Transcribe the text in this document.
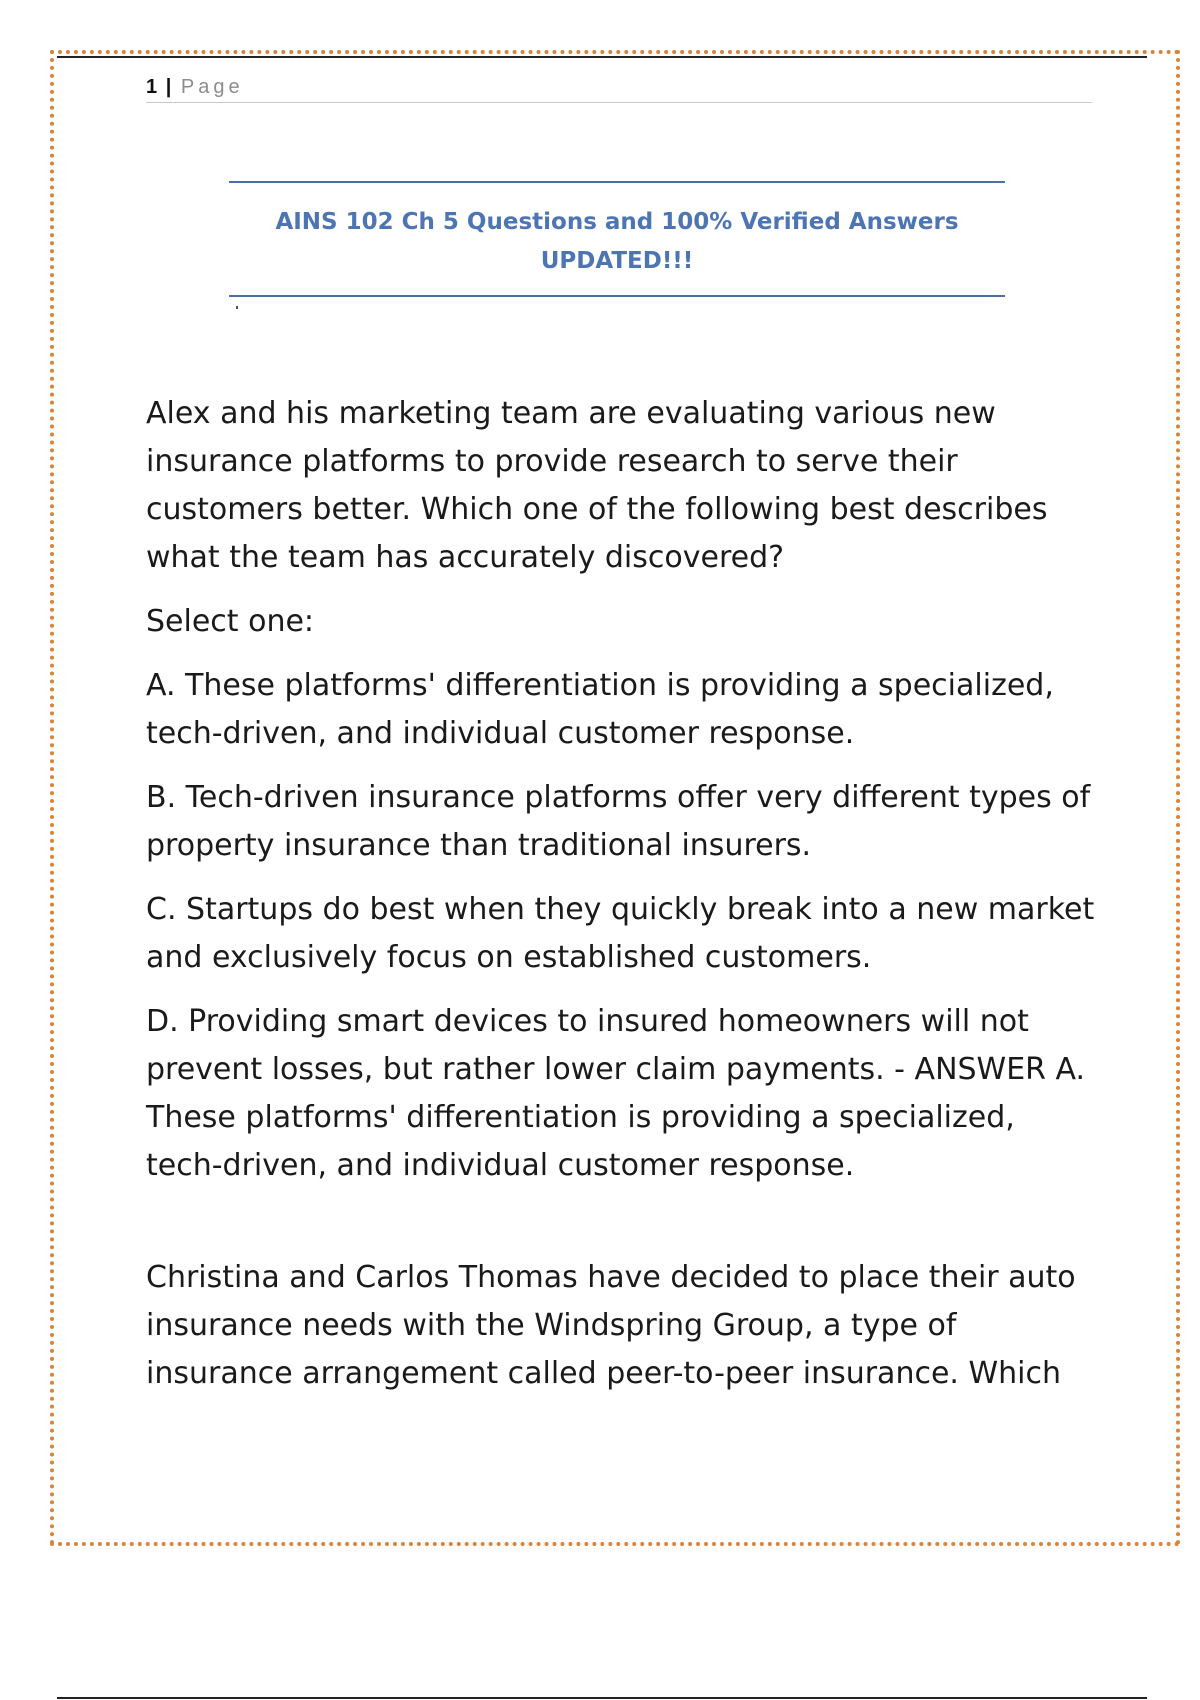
1 | Page
AINS 102 Ch 5 Questions and 100% Verified Answers
UPDATED!!!

Alex and his marketing team are evaluating various new insurance platforms to provide research to serve their customers better. Which one of the following best describes what the team has accurately discovered?

Select one:

A. These platforms' differentiation is providing a specialized, tech-driven, and individual customer response.

B. Tech-driven insurance platforms offer very different types of property insurance than traditional insurers.

C. Startups do best when they quickly break into a new market and exclusively focus on established customers.

D. Providing smart devices to insured homeowners will not prevent losses, but rather lower claim payments. - ANSWER A. These platforms' differentiation is providing a specialized, tech-driven, and individual customer response.

Christina and Carlos Thomas have decided to place their auto insurance needs with the Windspring Group, a type of insurance arrangement called peer-to-peer insurance. Which
